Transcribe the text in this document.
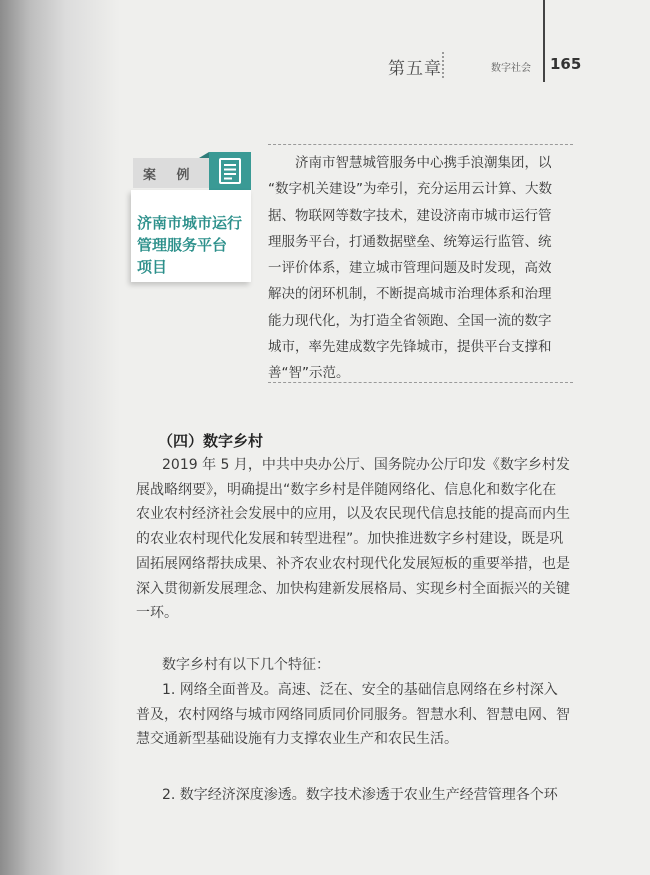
第五章	数字社会 165
案 例
济南市城市运行
管理服务平台
项目
济南市智慧城管服务中心携手浪潮集团，以
“数字机关建设”为牵引，充分运用云计算、大数
据、物联网等数字技术，建设济南市城市运行管
理服务平台，打通数据壁垒、统筹运行监管、统
一评价体系，建立城市管理问题及时发现，高效
解决的闭环机制，不断提高城市治理体系和治理
能力现代化，为打造全省领跑、全国一流的数字
城市，率先建成数字先锋城市，提供平台支撑和
善“智”示范。
（四）数字乡村
2019 年 5 月，中共中央办公厅、国务院办公厅印发《数字乡村发
展战略纲要》，明确提出“数字乡村是伴随网络化、信息化和数字化在
农业农村经济社会发展中的应用，以及农民现代信息技能的提高而内生
的农业农村现代化发展和转型进程”。加快推进数字乡村建设，既是巩
固拓展网络帮扶成果、补齐农业农村现代化发展短板的重要举措，也是
深入贯彻新发展理念、加快构建新发展格局、实现乡村全面振兴的关键
一环。
数字乡村有以下几个特征：
1. 网络全面普及。高速、泛在、安全的基础信息网络在乡村深入
普及，农村网络与城市网络同质同价同服务。智慧水利、智慧电网、智
慧交通新型基础设施有力支撑农业生产和农民生活。
2. 数字经济深度渗透。数字技术渗透于农业生产经营管理各个环
